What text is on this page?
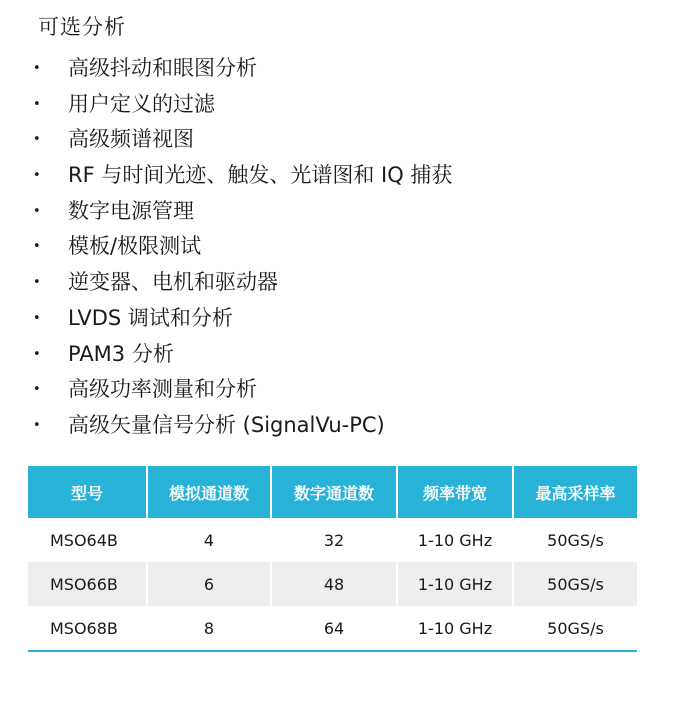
可选分析
• 高级抖动和眼图分析
• 用户定义的过滤
• 高级频谱视图
• RF 与时间光迹、触发、光谱图和 IQ 捕获
• 数字电源管理
• 模板/极限测试
• 逆变器、电机和驱动器
• LVDS 调试和分析
• PAM3 分析
• 高级功率测量和分析
• 高级矢量信号分析 (SignalVu-PC)
型号	模拟通道数	数字通道数	频率带宽	最高采样率
MSO64B	4	32	1-10 GHz	50GS/s
MSO66B	6	48	1-10 GHz	50GS/s
MSO68B	8	64	1-10 GHz	50GS/s
